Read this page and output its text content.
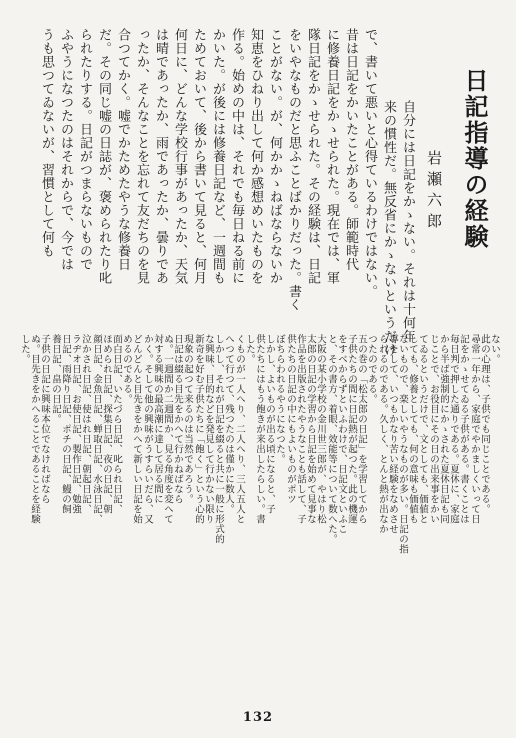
日記指導の経験
岩瀬六郎
自分には日記をかゝない。それは十何年
来の慣性だ。無反省にかゝないというだけ
で、書いて悪いと心得ているわけではない。
昔は日記をかいたことがある。師範時代
に修養日記をかゝせられた。現在では、軍
隊日記をかゝせられた。その経験は、日記
をいやなものだと思ふことばかりだった。書く
ことがない。が、何かかゝねばならないか
知恵をひねり出して何か感想めいたものを
作る。始めの中は、それでも毎日ねる前に
かいた。が後には修養日記など、一週間も
ためておいて、後から書いて見ると、何月
何日に、どんな学校行事があったか、天気
は晴であったか、雨であったか、曇りであ
ったか、そんなことを忘れて友だちのを見
合つてかく。嘘でかためたやうな修養日
だ。その同じ嘘の日誌が、褒められたり叱
られたりする。日記がつまらないもので
ふやうになつたのはそれからで、今では
うも思つてゐないが、習慣として何も
ない。
此の心理は、子供でも同じことである。
尋常一年から、家庭でやかましくいって日
記をかゝせてゐる子供がある。書くことは
毎日判で押した通りである。夏休に、家庭
から半ば強制的にかゝされた夏休日記も同
じことで、お役目にその日の出来事をかい
てゐるというだけで、文としても、価値と
しても、修養としても、何の意味も価値も
ないもので、楽しいやうなものが多い。日記の指
導をして、いつもかなり苦い経験をなめさせ
られるのである。久しく、とんと熱が出なか
つたのである。
五の巻の「松太郎の日記」を学習してから
子供たちの間に日記熱が起つた。此の機運
をすべからずといふわけで、日記文といふこ
と、その書方、着眼、效能等について数へた。
大阪の某小学校の金川世三郎が、やはり松
太郎の日記の学習から日記を始めて見事な
作品を出版されたやうなことも話して、子
供たちの日記の中にもよいものがポツ
ぼちらわれるやうになつた。
しかし、よいものが出る頃になると、子
供たちにはもう飽きが来出したらしい。書
した。
くものが一人へり、二人へり、三人五人と
へつて行つて、残つたのは僅かに数人。
しかし、それが日記を綴ると共に一般に形式的
な興味、目的などを発見して行かない限り
新奇を好む子供たちに「飽く」という心的
現象の起つて来るのは当然であろう。
日記は綴る目先をかへて行かねばなら
ぬ。一週間か二週間か、見る角度を変へて
対する興味の最高潮に達して居る間に
かく。そして他の興味がうすらいだら、又
どんどんと目先きをかへて新しい日記を始
めるのである。
面白日記、いたづら日記、叱られ日記、
ほめられ日記、探集日記、夜の日記、朝
顔日記、金魚日記、蝉取日記、水泳日記、
泣かされ日記、使はれ日記、朝起日記、
ラヂオ日記、お使日記、製作日記、勉強
日記、雨降り日記、ポチの日記、鰻の飼
養日記、畠の日記。
子供の日記に興味本位でなければなら
ぬ。目先きをかへることであることを経験
した。
132
